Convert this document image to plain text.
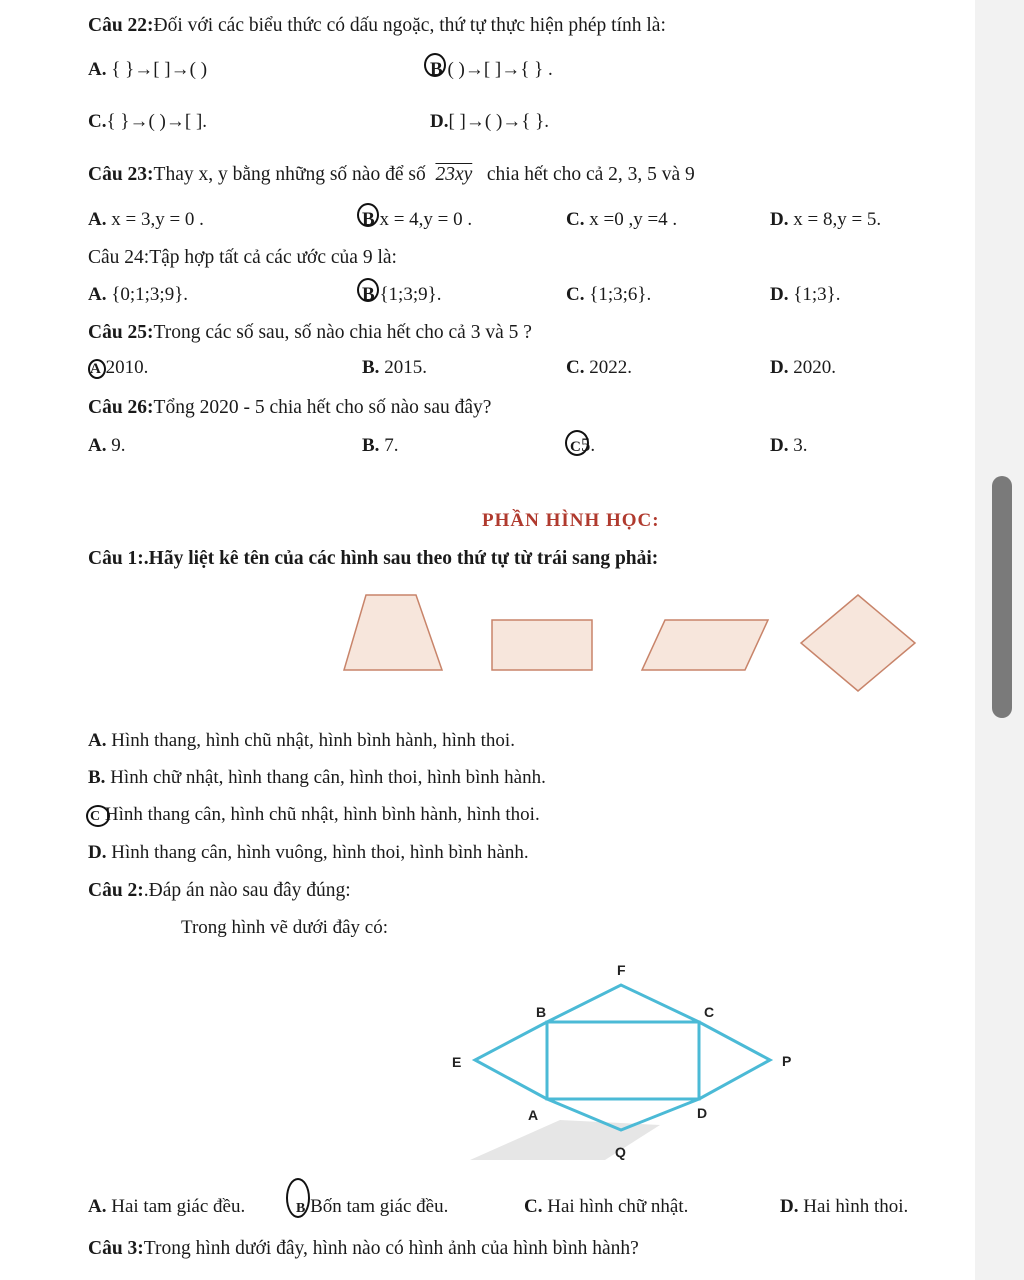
Câu 22:Đối với các biểu thức có dấu ngoặc, thứ tự thực hiện phép tính là:
A. { }→[ ]→( )	B ( )→[ ]→{ } .
C.{ }→( )→[ ].	D.[ ]→( )→{ }.
Câu 23:Thay x, y bằng những số nào để số 23xy chia hết cho cả 2, 3, 5 và 9
A. x = 3,y = 0 .	B x = 4,y = 0 .	C. x =0 ,y =4 .	D. x = 8,y = 5.
Câu 24:Tập hợp tất cả các ước của 9 là:
A. {0;1;3;9}.	B {1;3;9}.	C. {1;3;6}.	D. {1;3}.
Câu 25:Trong các số sau, số nào chia hết cho cả 3 và 5 ?
A 2010.	B. 2015.	C. 2022.	D. 2020.
Câu 26:Tổng 2020 - 5 chia hết cho số nào sau đây?
A. 9.	B. 7.	C5.	D. 3.
PHẦN HÌNH HỌC:
Câu 1:.Hãy liệt kê tên của các hình sau theo thứ tự từ trái sang phải:
A. Hình thang, hình chũ nhật, hình bình hành, hình thoi.
B. Hình chữ nhật, hình thang cân, hình thoi, hình bình hành.
C Hình thang cân, hình chũ nhật, hình bình hành, hình thoi.
D. Hình thang cân, hình vuông, hình thoi, hình bình hành.
Câu 2:.Đáp án nào sau đây đúng:
Trong hình vẽ dưới đây có:
F
B	C
E	P
A	D
Q
A. Hai tam giác đều.	B Bốn tam giác đều.	C. Hai hình chữ nhật.	D. Hai hình thoi.
Câu 3:Trong hình dưới đây, hình nào có hình ảnh của hình bình hành?
